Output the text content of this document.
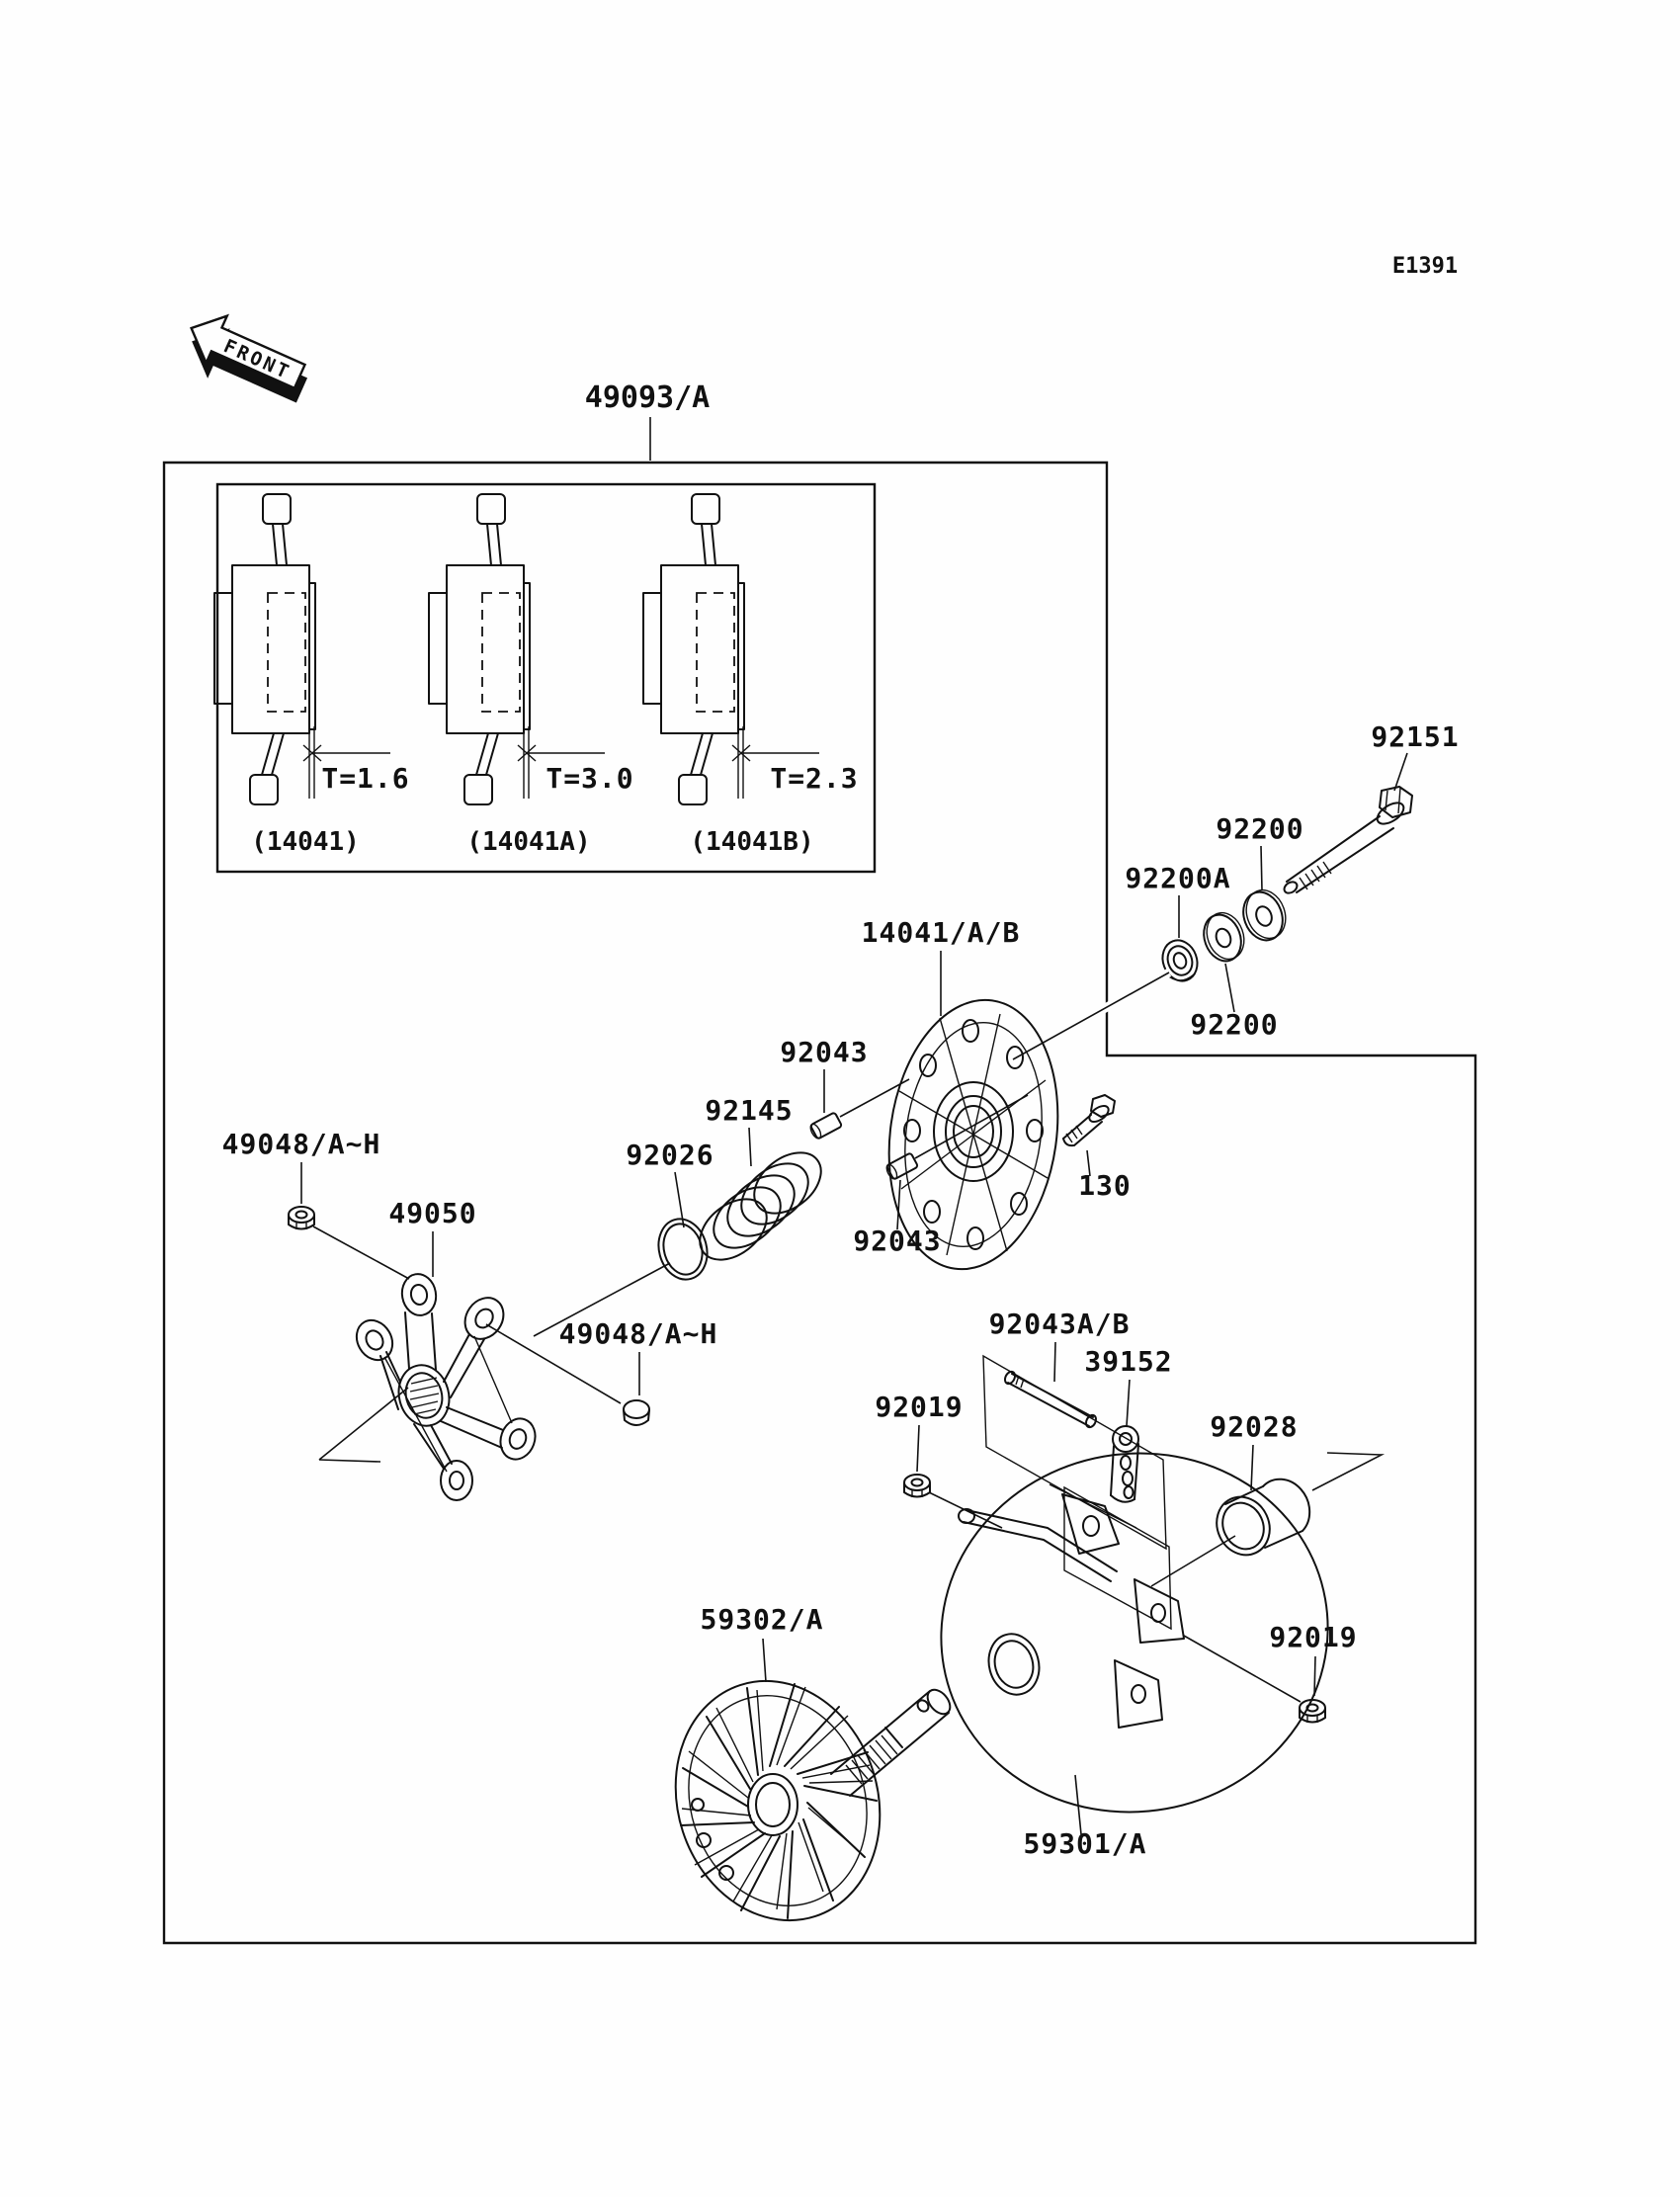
E1391
FRONT
49093/A
T=1.6
(14041)
T=3.0
(14041A)
T=2.3
(14041B)
92151
92200
92200A
92200
14041/A/B
92043
92043
130
92145
92026
49048/A~H
49050
49048/A~H	92043A/B
39152
92028
92019
59301/A
92019
59302/A
